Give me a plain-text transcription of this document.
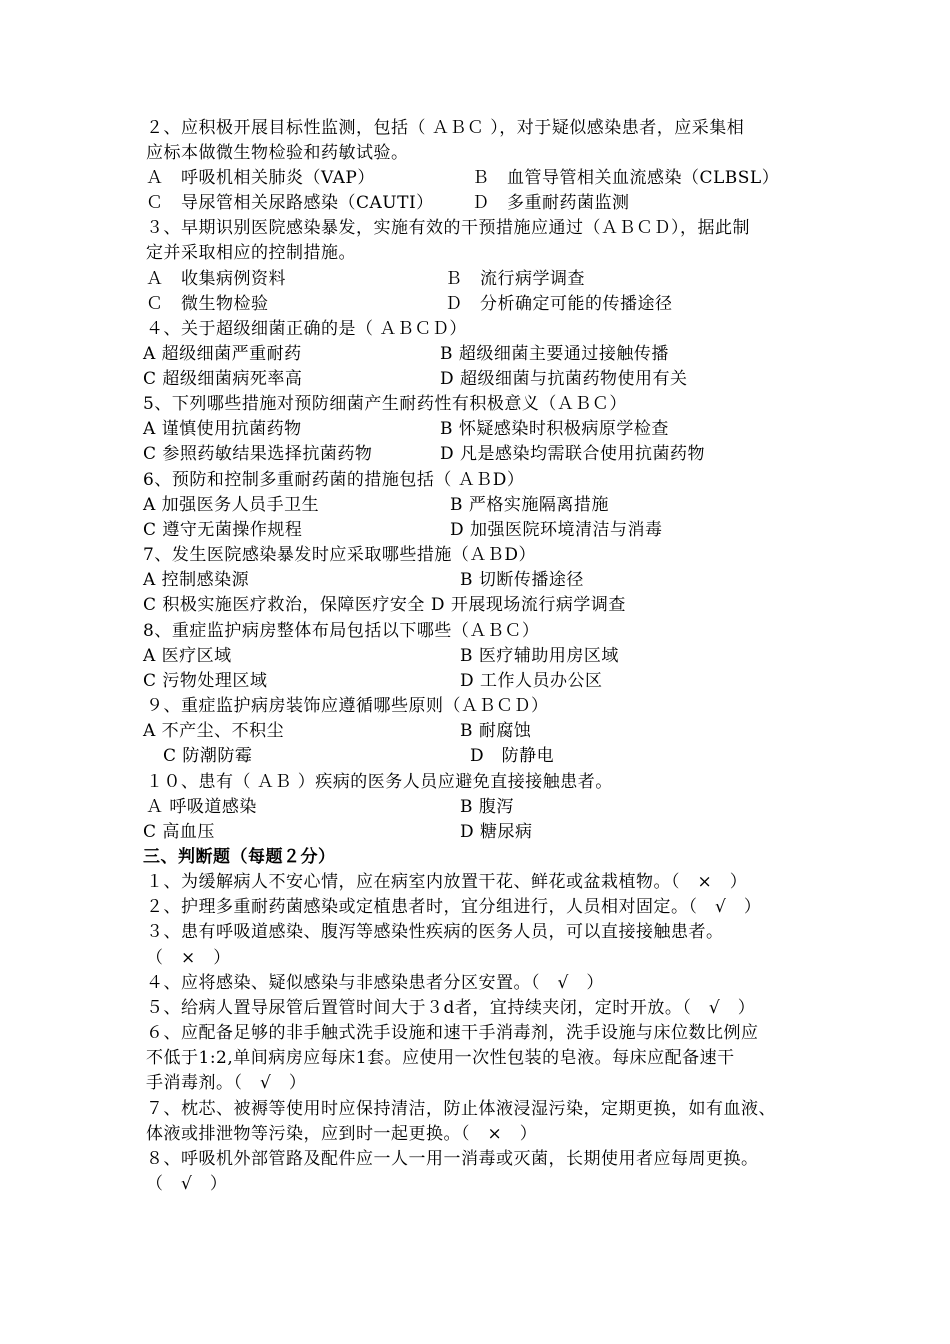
２、应积极开展目标性监测，包括（ ＡＢＣ ），对于疑似感染患者，应采集相
应标本做微生物检验和药敏试验。
Ａ　呼吸机相关肺炎（VAP）	Ｂ　血管导管相关血流感染（CLBSL）
Ｃ　导尿管相关尿路感染（CAUTI） Ｄ　多重耐药菌监测
３、早期识别医院感染暴发，实施有效的干预措施应通过（ＡＢＣＤ），据此制
定并采取相应的控制措施。
Ａ　收集病例资料	Ｂ　流行病学调查
Ｃ　微生物检验	Ｄ　分析确定可能的传播途径
４、关于超级细菌正确的是（ ＡＢＣＤ）
A 超级细菌严重耐药	B 超级细菌主要通过接触传播
C 超级细菌病死率高	D 超级细菌与抗菌药物使用有关
5、下列哪些措施对预防细菌产生耐药性有积极意义（ＡＢＣ）
A 谨慎使用抗菌药物	B 怀疑感染时积极病原学检查
C 参照药敏结果选择抗菌药物	D 凡是感染均需联合使用抗菌药物
6、预防和控制多重耐药菌的措施包括（ ＡＢD）
A 加强医务人员手卫生	B 严格实施隔离措施
C 遵守无菌操作规程	D 加强医院环境清洁与消毒
7、发生医院感染暴发时应采取哪些措施（ＡＢD）
A 控制感染源	B 切断传播途径
C 积极实施医疗救治，保障医疗安全 D 开展现场流行病学调查
8、重症监护病房整体布局包括以下哪些（ＡＢＣ）
A 医疗区域	B 医疗辅助用房区域
C 污物处理区域	D 工作人员办公区
９、重症监护病房装饰应遵循哪些原则（ＡＢＣＤ）
A 不产尘、不积尘	B 耐腐蚀
C 防潮防霉	D　防静电
１０、患有（ ＡＢ ）疾病的医务人员应避免直接接触患者。
Ａ 呼吸道感染	B 腹泻
C 高血压	D 糖尿病
三、判断题（每题２分）
１、为缓解病人不安心情，应在病室内放置干花、鲜花或盆栽植物。（　×　）
２、护理多重耐药菌感染或定植患者时，宜分组进行，人员相对固定。（　√　）
３、患有呼吸道感染、腹泻等感染性疾病的医务人员，可以直接接触患者。
（　×　）
４、应将感染、疑似感染与非感染患者分区安置。（　√　）
５、给病人置导尿管后置管时间大于３d者，宜持续夹闭，定时开放。（　√　）
６、应配备足够的非手触式洗手设施和速干手消毒剂，洗手设施与床位数比例应
不低于1:2,单间病房应每床1套。应使用一次性包装的皂液。每床应配备速干
手消毒剂。（　√　）
７、枕芯、被褥等使用时应保持清洁，防止体液浸湿污染，定期更换，如有血液、
体液或排泄物等污染，应到时一起更换。（　×　）
８、呼吸机外部管路及配件应一人一用一消毒或灭菌，长期使用者应每周更换。
（　√　）
